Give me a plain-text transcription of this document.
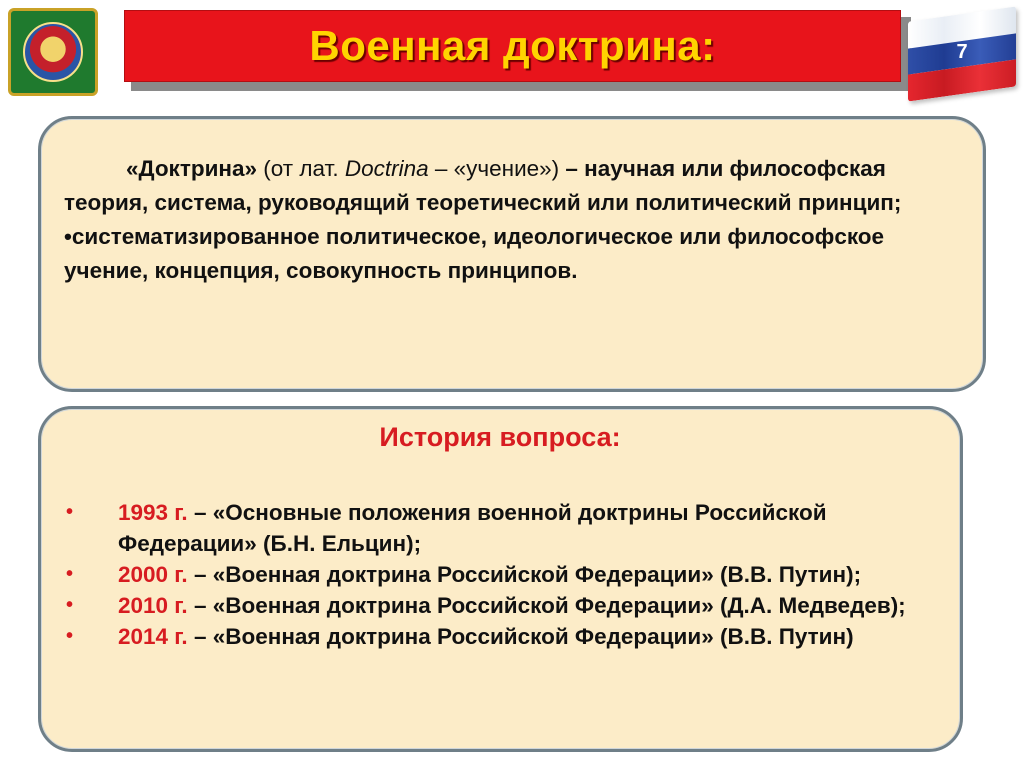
Военная доктрина:	7

«Доктрина» (от лат. Doctrina – «учение») – научная или философская теория, система, руководящий теоретический или политический принцип;

•систематизированное политическое, идеологическое или философское учение, концепция, совокупность принципов.

История вопроса:
• 1993 г. – «Основные положения военной доктрины Российской Федерации» (Б.Н. Ельцин);
• 2000 г. – «Военная доктрина Российской Федерации» (В.В. Путин);
• 2010 г. – «Военная доктрина Российской Федерации» (Д.А. Медведев);
• 2014 г. – «Военная доктрина Российской Федерации» (В.В. Путин)
